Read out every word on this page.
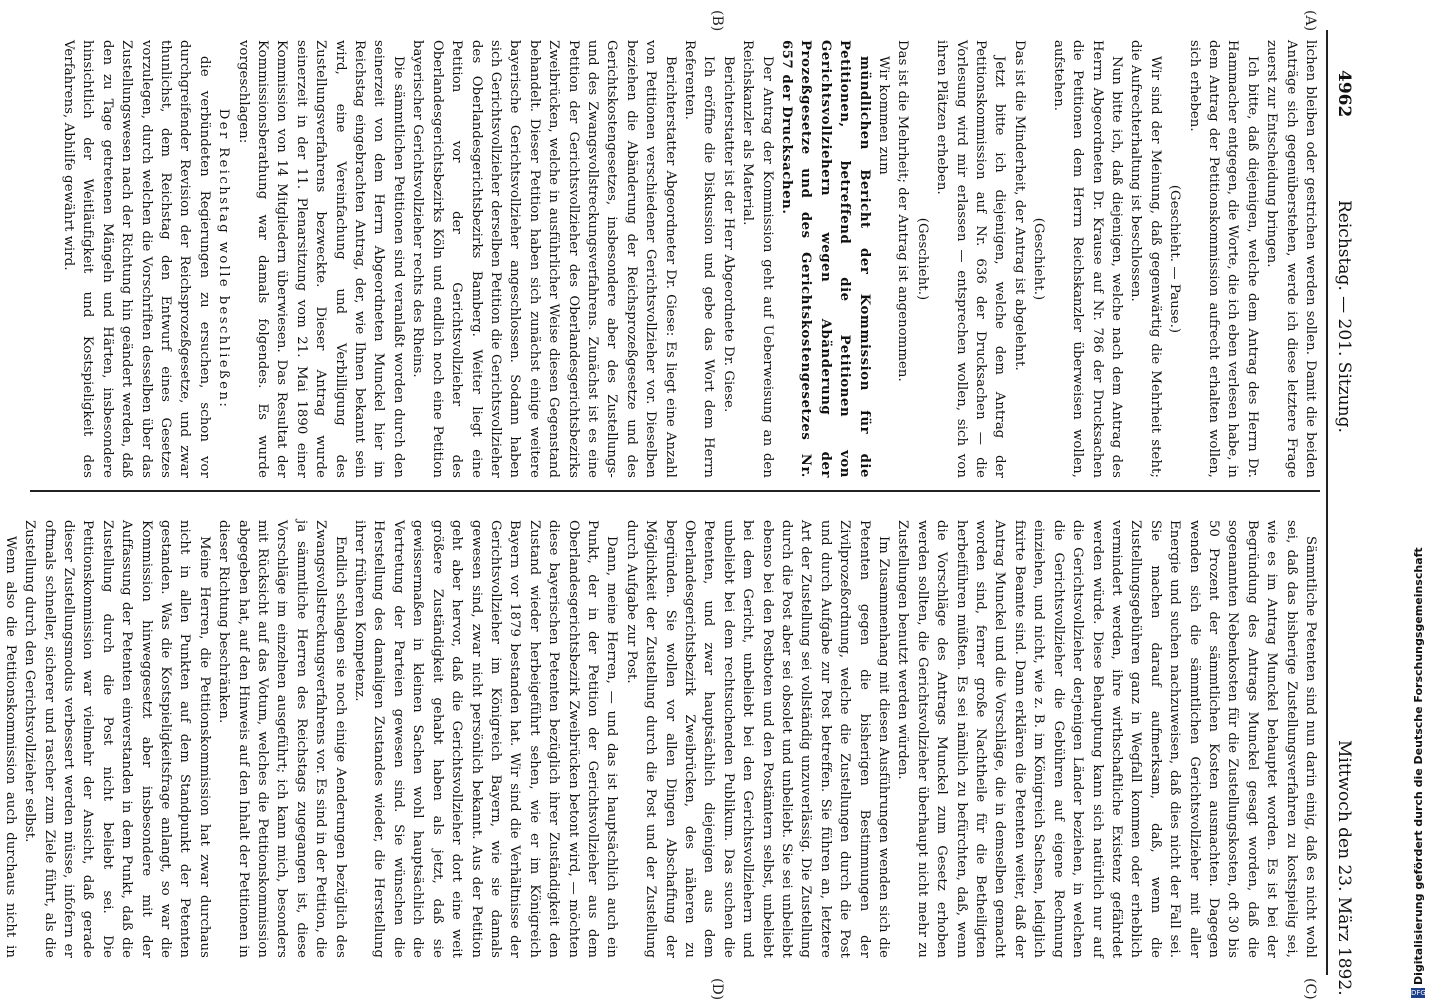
4962
Reichstag. — 201. Sitzung.
Mittwoch den 23. März 1892.
(A)
(B)
(C)
(D)

lichen bleiben oder gestrichen werden sollen. Damit die beiden Anträge sich gegenüberstehen, werde ich diese letztere Frage zuerst zur Entscheidung bringen.

Ich bitte, daß diejenigen, welche dem Antrag des Herrn Dr. Hammacher entgegen, die Worte, die ich eben verlesen habe, in dem Antrag der Petitionskommission aufrecht erhalten wollen, sich erheben.

(Geschieht. — Pause.)

Wir sind der Meinung, daß gegenwärtig die Mehrheit steht; die Aufrechterhaltung ist beschlossen.

Nun bitte ich, daß diejenigen, welche nach dem Antrag des Herrn Abgeordneten Dr. Krause auf Nr. 786 der Drucksachen die Petitionen dem Herrn Reichskanzler überweisen wollen, aufstehen.

(Geschieht.)

Das ist die Minderheit, der Antrag ist abgelehnt.

Jetzt bitte ich diejenigen, welche dem Antrag der Petitionskommission auf Nr. 636 der Drucksachen — die Vorlesung wird mir erlassen — entsprechen wollen, sich von ihren Plätzen erheben.

(Geschieht.)

Das ist die Mehrheit; der Antrag ist angenommen.

Wir kommen zum

mündlichen Bericht der Kommission für die Petitionen, betreffend die Petitionen von Gerichtsvollziehern wegen Abänderung der Prozeßgesetze und des Gerichtskostengesetzes Nr. 657 der Drucksachen.

Der Antrag der Kommission geht auf Ueberweisung an den Reichskanzler als Material.

Berichterstatter ist der Herr Abgeordnete Dr. Giese.

Ich eröffne die Diskussion und gebe das Wort dem Herrn Referenten.

Berichterstatter Abgeordneter Dr. Giese: Es liegt eine Anzahl von Petitionen verschiedener Gerichtsvollzieher vor. Dieselben beziehen die Abänderung der Reichsprozeßgesetze und des Gerichtskostengesetzes, insbesondere aber des Zustellungs- und des Zwangsvollstreckungsverfahrens. Zunächst ist es eine Petition der Gerichtsvollzieher des Oberlandesgerichtsbezirks Zweibrücken, welche in ausführlicher Weise diesen Gegenstand behandelt. Dieser Petition haben sich zunächst einige weitere bayerische Gerichtsvollzieher angeschlossen. Sodann haben sich Gerichtsvollzieher derselben Petition die Gerichtsvollzieher des Oberlandesgerichtsbezirks Bamberg. Weiter liegt eine Petition vor der Gerichtsvollzieher des Oberlandesgerichtsbezirks Köln und endlich noch eine Petition bayerischer Gerichtsvollzieher rechts des Rheins.

Die sämmtlichen Petitionen sind veranlaßt worden durch den seinerzeit von dem Herrn Abgeordneten Munckel hier im Reichstag eingebrachten Antrag, der, wie Ihnen bekannt sein wird, eine Vereinfachung und Verbilligung des Zustellungsverfahrens bezweckte. Dieser Antrag wurde seinerzeit in der 11. Plenarsitzung vom 21. Mai 1890 einer Kommission von 14 Mitgliedern überwiesen. Das Resultat der Kommissionsberathung war damals folgendes. Es wurde vorgeschlagen:

Der Reichstag wolle beschließen:

die verbündeten Regierungen zu ersuchen, schon vor durchgreifender Revision der Reichsprozeßgesetze, und zwar thunlichst, dem Reichstag den Entwurf eines Gesetzes vorzulegen, durch welchen die Vorschriften desselben über das Zustellungswesen nach der Richtung hin geändert werden, daß den zu Tage getretenen Mängeln und Härten, insbesondere hinsichtlich der Weitläufigkeit und Kostspieligkeit des Verfahrens, Abhilfe gewährt wird.

Sämmtliche Petenten sind nun darin einig, daß es nicht wohl sei, daß das bisherige Zustellungsverfahren zu kostspielig sei, wie es im Antrag Munckel behauptet worden. Es ist bei der Begründung des Antrags Munckel gesagt worden, daß die sogenannten Nebenkosten für die Zustellungskosten, oft 30 bis 50 Prozent der sämmtlichen Kosten ausmachten. Dagegen wenden sich die sämmtlichen Gerichtsvollzieher mit aller Energie und suchen nachzuweisen, daß dies nicht der Fall sei. Sie machen darauf aufmerksam, daß, wenn die Zustellungsgebühren ganz in Wegfall kommen oder erheblich vermindert werden, ihre wirthschaftliche Existenz gefährdet werden würde. Diese Behauptung kann sich natürlich nur auf die Gerichtsvollzieher derjenigen Länder beziehen, in welchen die Gerichtsvollzieher die Gebühren auf eigene Rechnung einziehen, und nicht, wie z. B. im Königreich Sachsen, lediglich fixirte Beamte sind. Dann erklären die Petenten weiter, daß der Antrag Munckel und die Vorschläge, die in demselben gemacht worden sind, ferner große Nachtheile für die Betheiligten herbeiführen müßten. Es sei nämlich zu befürchten, daß, wenn die Vorschläge des Antrags Munckel zum Gesetz erhoben werden sollten, die Gerichtsvollzieher überhaupt nicht mehr zu Zustellungen benutzt werden würden.

Im Zusammenhang mit diesen Ausführungen wenden sich die Petenten gegen die bisherigen Bestimmungen der Zivilprozeßordnung, welche die Zustellungen durch die Post und durch Aufgabe zur Post betreffen. Sie führen an, letztere Art der Zustellung sei vollständig unzuverlässig. Die Zustellung durch die Post aber sei obsolet und unbeliebt. Sie sei unbeliebt ebenso bei den Postboten und den Postämtern selbst, unbeliebt bei dem Gericht, unbeliebt bei den Gerichtsvollziehern und unbeliebt bei dem rechtsuchenden Publikum. Das suchen die Petenten, und zwar hauptsächlich diejenigen aus dem Oberlandesgerichtsbezirk Zweibrücken, des näheren zu begründen. Sie wollen vor allen Dingen Abschaffung der Möglichkeit der Zustellung durch die Post und der Zustellung durch Aufgabe zur Post.

Dann, meine Herren, — und das ist hauptsächlich auch ein Punkt, der in der Petition der Gerichtsvollzieher aus dem Oberlandesgerichtsbezirk Zweibrücken betont wird, — möchten diese bayerischen Petenten bezüglich ihrer Zuständigkeit den Zustand wieder herbeigeführt sehen, wie er im Königreich Bayern vor 1879 bestanden hat. Wir sind die Verhältnisse der Gerichtsvollzieher im Königreich Bayern, wie sie damals gewesen sind, zwar nicht persönlich bekannt. Aus der Petition geht aber hervor, daß die Gerichtsvollzieher dort eine weit größere Zuständigkeit gehabt haben als jetzt, daß sie gewissermaßen in kleinen Sachen wohl hauptsächlich die Vertretung der Parteien gewesen sind. Sie wünschen die Herstellung des damaligen Zustandes wieder, die Herstellung ihrer früheren Kompetenz.

Endlich schlagen sie noch einige Aenderungen bezüglich des Zwangsvollstreckungsverfahrens vor. Es sind in der Petition, die ja sämmtliche Herren des Reichstags zugegangen ist, diese Vorschläge im einzelnen ausgeführt; ich kann mich, besonders mit Rücksicht auf das Votum, welches die Petitionskommission abgegeben hat, auf den Hinweis auf den Inhalt der Petitionen in dieser Richtung beschränken.

Meine Herren, die Petitionskommission hat zwar durchaus nicht in allen Punkten auf dem Standpunkt der Petenten gestanden. Was die Kostspieligkeitsfrage anlangt, so war die Kommission hinweggesetzt aber insbesondere mit der Auffassung der Petenten einverstanden in dem Punkt, daß die Zustellung durch die Post nicht beliebt sei. Die Petitionskommission war vielmehr der Ansicht, daß gerade dieser Zustellungsmodus verbessert werden müsse, infofern er oftmals schneller, sicherer und rascher zum Ziele führt, als die Zustellung durch den Gerichtsvollzieher selbst.

Wenn also die Petitionskommission auch durchaus nicht in	Digitalisierung gefördert durch die Deutsche Forschungsgemeinschaft
DFG
